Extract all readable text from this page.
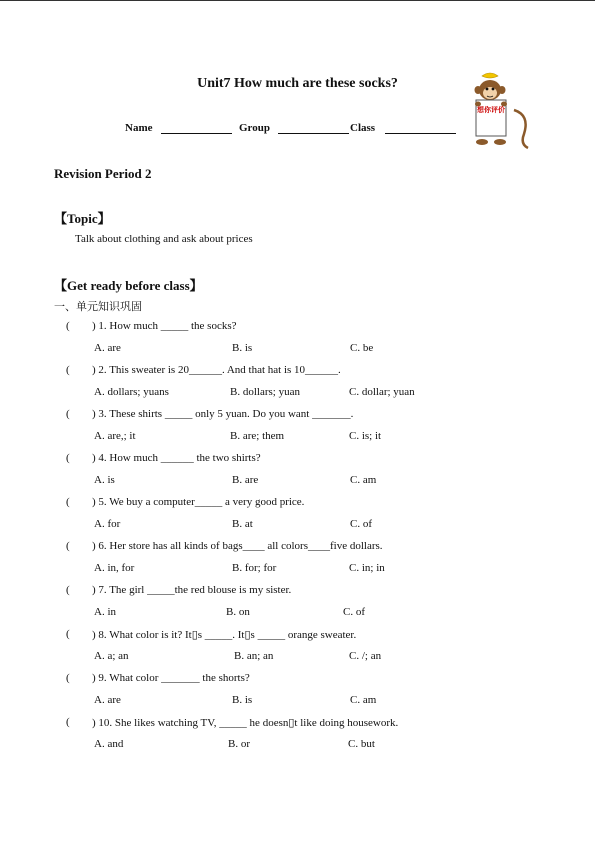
Unit7 How much are these socks?
Name	Group	Class
想你评价
Revision Period 2
【Topic】
Talk about clothing and ask about prices
【Get ready before class】
一、单元知识巩固
( ) 1. How much _____ the socks?
A. are	B. is	C. be
( ) 2. This sweater is 20______. And that hat is 10______.
A. dollars; yuans	B. dollars; yuan	C. dollar; yuan
( ) 3. These shirts _____ only 5 yuan. Do you want _______.
A. are,; it	B. are; them	C. is; it
( ) 4. How much ______ the two shirts?
A. is	B. are	C. am
( ) 5. We buy a computer_____ a very good price.
A. for	B. at	C. of
( ) 6. Her store has all kinds of bags____ all colors____five dollars.
A. in, for	B. for; for	C. in; in
( ) 7. The girl _____the red blouse is my sister.
A. in	B. on	C. of
( ) 8. What color is it? It▯s _____. It▯s _____ orange sweater.
A. a; an	B. an; an	C. /; an
( ) 9. What color _______ the shorts?
A. are	B. is	C. am
( ) 10. She likes watching TV, _____ he doesn▯t like doing housework.
A. and	B. or	C. but
